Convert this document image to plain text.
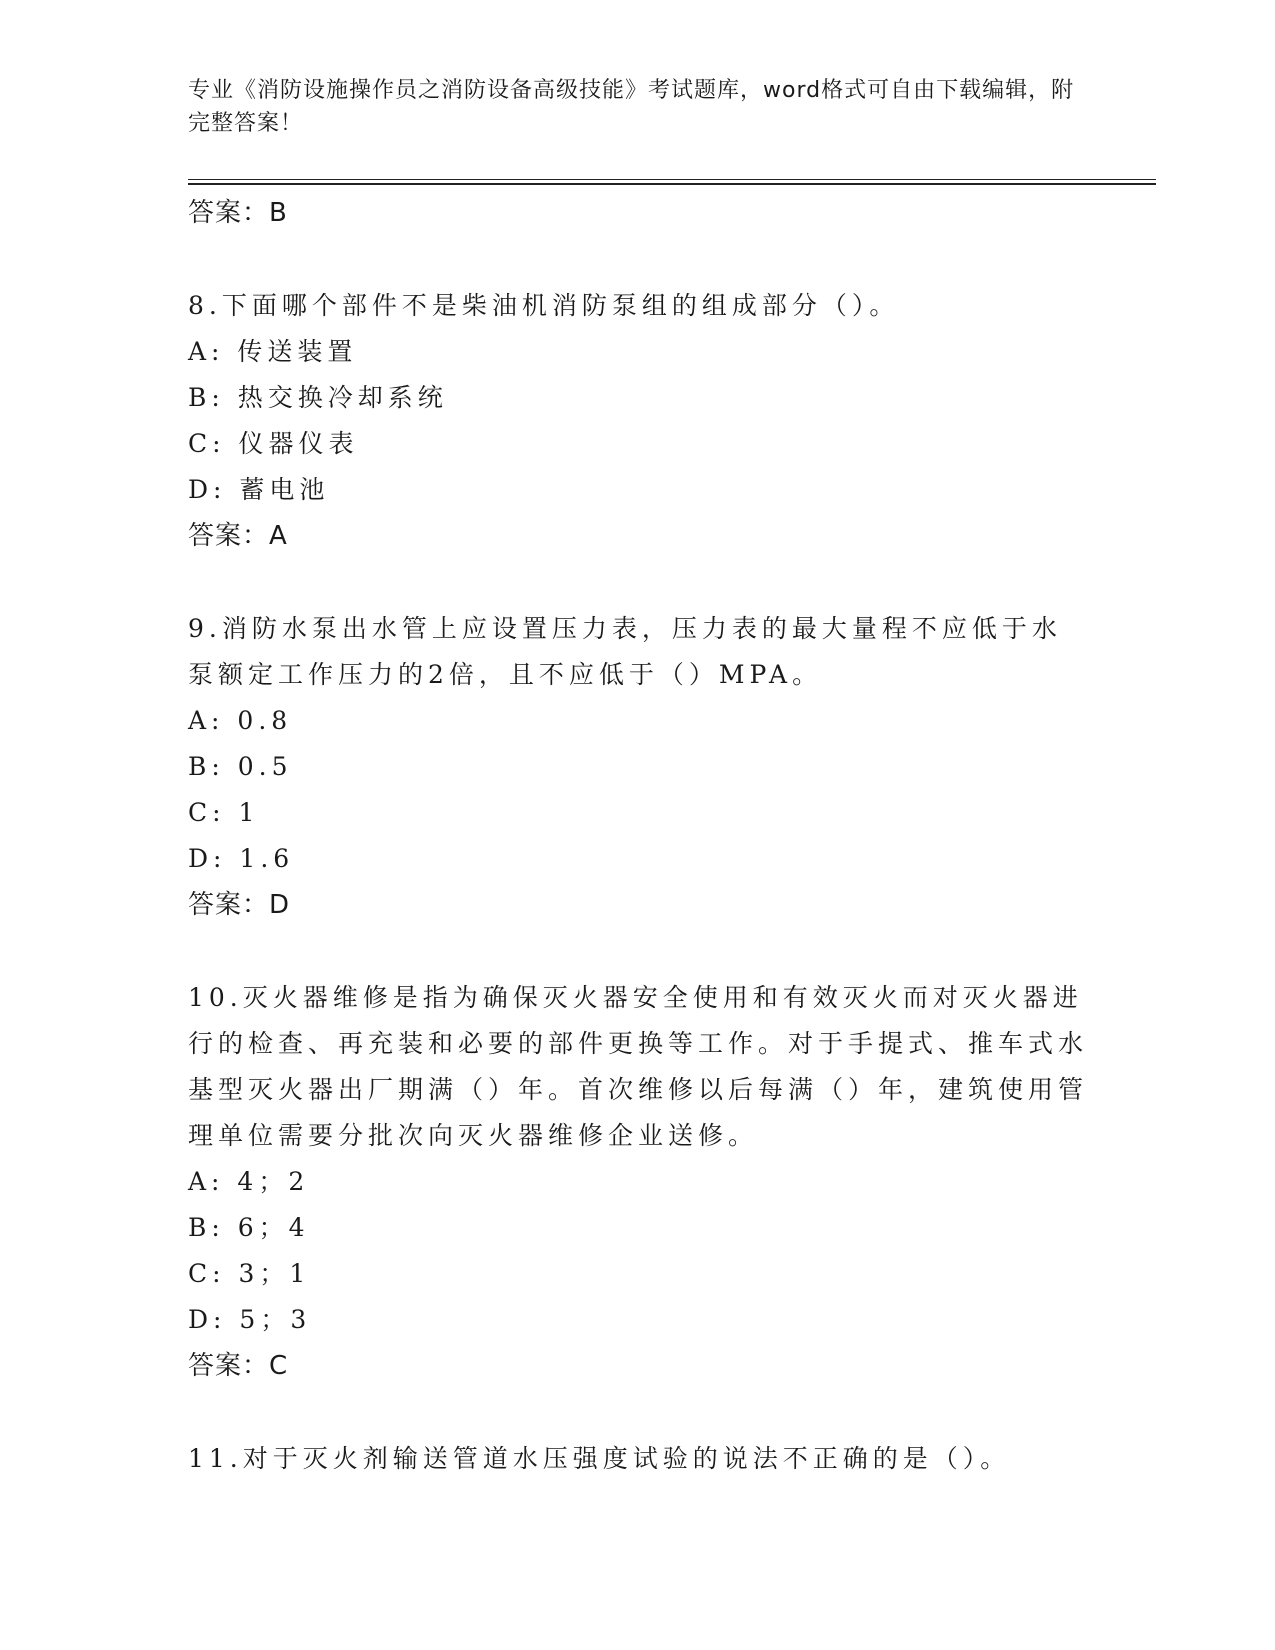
专业《消防设施操作员之消防设备高级技能》考试题库，word格式可自由下载编辑，附完整答案！
答案：B
8.下面哪个部件不是柴油机消防泵组的组成部分（）。
A: 传送装置
B: 热交换冷却系统
C: 仪器仪表
D: 蓄电池
答案：A
9.消防水泵出水管上应设置压力表，压力表的最大量程不应低于水泵额定工作压力的2倍，且不应低于（）MPA。
A: 0.8
B: 0.5
C: 1
D: 1.6
答案：D
10.灭火器维修是指为确保灭火器安全使用和有效灭火而对灭火器进行的检查、再充装和必要的部件更换等工作。对于手提式、推车式水基型灭火器出厂期满（）年。首次维修以后每满（）年，建筑使用管理单位需要分批次向灭火器维修企业送修。
A: 4；2
B: 6；4
C: 3；1
D: 5；3
答案：C
11.对于灭火剂输送管道水压强度试验的说法不正确的是（）。
